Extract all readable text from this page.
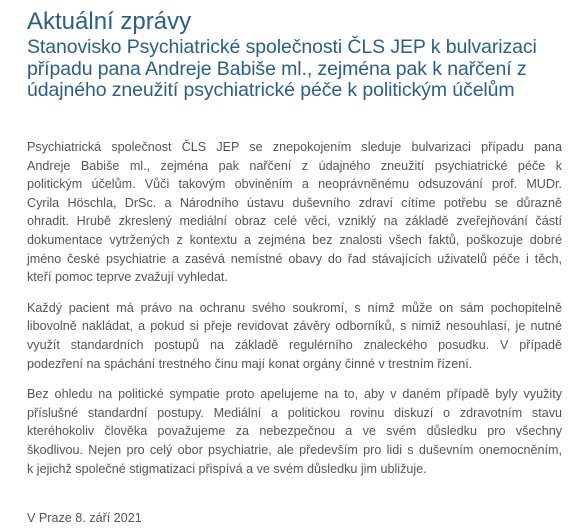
Aktuální zprávy
Stanovisko Psychiatrické společnosti ČLS JEP k bulvarizaci
případu pana Andreje Babiše ml., zejména pak k nařčení z
údajného zneužití psychiatrické péče k politickým účelům

Psychiatrická společnost ČLS JEP se znepokojením sleduje bulvarizaci případu pana
Andreje Babiše ml., zejména pak nařčení z údajného zneužití psychiatrické péče k
politickým účelům. Vůči takovým obviněním a neoprávněnému odsuzování prof. MUDr.
Cyrila Höschla, DrSc. a Národního ústavu duševního zdraví cítíme potřebu se důrazně
ohradit. Hrubě zkreslený mediální obraz celé věci, vzniklý na základě zveřejňování částí
dokumentace vytržených z kontextu a zejména bez znalosti všech faktů, poškozuje dobré
jméno české psychiatrie a zasévá nemístné obavy do řad stávajících uživatelů péče i těch,
kteří pomoc teprve zvažují vyhledat.

Každý pacient má právo na ochranu svého soukromí, s nímž může on sám pochopitelně
libovolně nakládat, a pokud si přeje revidovat závěry odborníků, s nimiž nesouhlasí, je nutné
využít standardních postupů na základě regulérního znaleckého posudku. V případě
podezření na spáchání trestného činu mají konat orgány činné v trestním řízení.

Bez ohledu na politické sympatie proto apelujeme na to, aby v daném případě byly využity
příslušné standardní postupy. Mediální a politickou rovinu diskuzí o zdravotním stavu
kteréhokoliv člověka považujeme za nebezpečnou a ve svém důsledku pro všechny
škodlivou. Nejen pro celý obor psychiatrie, ale především pro lidi s duševním onemocněním,
k jejichž společné stigmatizaci přispívá a ve svém důsledku jim ubližuje.

V Praze 8. září 2021
